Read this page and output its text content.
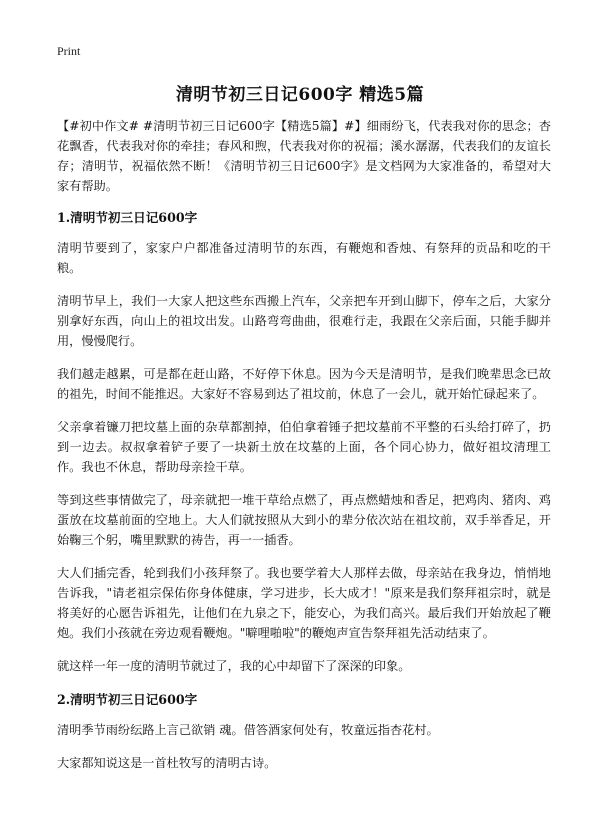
Print
清明节初三日记600字 精选5篇

【#初中作文# #清明节初三日记600字【精选5篇】#】细雨纷飞，代表我对你的思念；杏花飘香，代表我对你的牵挂；春风和煦，代表我对你的祝福；溪水潺潺，代表我们的友谊长存；清明节，祝福依然不断！《清明节初三日记600字》是文档网为大家准备的，希望对大家有帮助。

1.清明节初三日记600字

清明节要到了，家家户户都准备过清明节的东西，有鞭炮和香烛、有祭拜的贡品和吃的干粮。

清明节早上，我们一大家人把这些东西搬上汽车，父亲把车开到山脚下，停车之后，大家分别拿好东西，向山上的祖坟出发。山路弯弯曲曲，很难行走，我跟在父亲后面，只能手脚并用，慢慢爬行。

我们越走越累，可是都在赶山路，不好停下休息。因为今天是清明节，是我们晚辈思念已故的祖先，时间不能推迟。大家好不容易到达了祖坟前，休息了一会儿，就开始忙碌起来了。

父亲拿着镰刀把坟墓上面的杂草都割掉，伯伯拿着锤子把坟墓前不平整的石头给打碎了，扔到一边去。叔叔拿着铲子要了一块新土放在坟墓的上面，各个同心协力，做好祖坟清理工作。我也不休息，帮助母亲捡干草。

等到这些事情做完了，母亲就把一堆干草给点燃了，再点燃蜡烛和香足，把鸡肉、猪肉、鸡蛋放在坟墓前面的空地上。大人们就按照从大到小的辈分依次站在祖坟前，双手举香足，开始鞠三个躬，嘴里默默的祷告，再一一插香。

大人们插完香，轮到我们小孩拜祭了。我也要学着大人那样去做，母亲站在我身边，悄悄地告诉我，"请老祖宗保佑你身体健康，学习进步，长大成才！"原来是我们祭拜祖宗时，就是将美好的心愿告诉祖先，让他们在九泉之下，能安心，为我们高兴。最后我们开始放起了鞭炮。我们小孩就在旁边观看鞭炮。"噼哩啪啦"的鞭炮声宣告祭拜祖先活动结束了。

就这样一年一度的清明节就过了，我的心中却留下了深深的印象。

2.清明节初三日记600字

清明季节雨纷纭路上言己欲销 魂。借答酒家何处有，牧童远指杏花村。

大家都知说这是一首杜牧写的清明古诗。
